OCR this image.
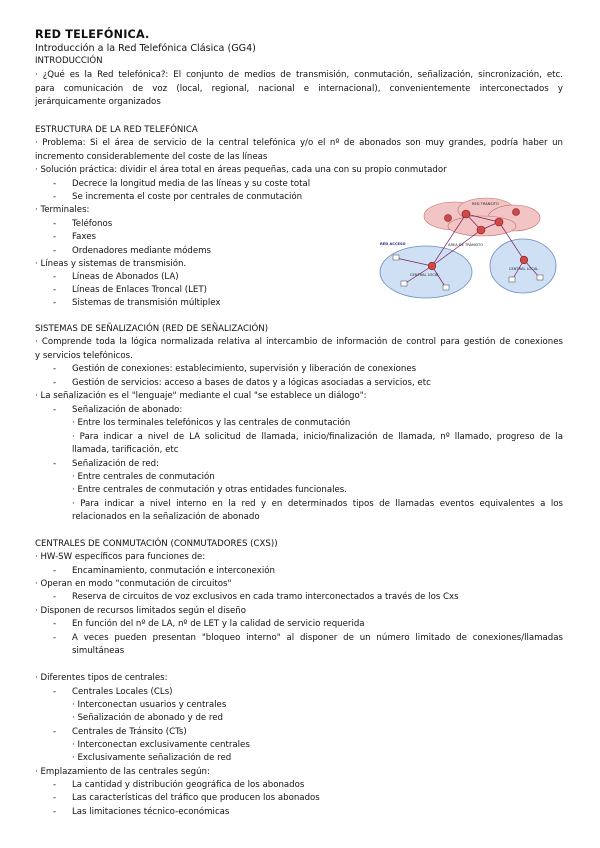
RED TELEFÓNICA.
Introducción a la Red Telefónica Clásica (GG4)
INTRODUCCIÓN
· ¿Qué es la Red telefónica?: El conjunto de medios de transmisión, conmutación, señalización, sincronización, etc.
para comunicación de voz (local, regional, nacional e internacional), convenientemente interconectados y
jerárquicamente organizados
ESTRUCTURA DE LA RED TELEFÓNICA
· Problema: Si el área de servicio de la central telefónica y/o el nº de abonados son muy grandes, podría haber un
incremento considerablemente del coste de las líneas
· Solución práctica: dividir el área total en áreas pequeñas, cada una con su propio conmutador
- Decrece la longitud media de las líneas y su coste total
- Se incrementa el coste por centrales de conmutación
· Terminales:
- Teléfonos
- Faxes
- Ordenadores mediante módems
· Líneas y sistemas de transmisión.
- Líneas de Abonados (LA)
- Líneas de Enlaces Troncal (LET)
- Sistemas de transmisión múltiplex
RED TRÁNSITO
RED ACCESO	ÁREA DE TRÁNSITO
CENTRAL LOCAL
CENTRAL LOCAL
SISTEMAS DE SEÑALIZACIÓN (RED DE SEÑALIZACIÓN)
· Comprende toda la lógica normalizada relativa al intercambio de información de control para gestión de conexiones
y servicios telefónicos.
- Gestión de conexiones: establecimiento, supervisión y liberación de conexiones
- Gestión de servicios: acceso a bases de datos y a lógicas asociadas a servicios, etc
· La señalización es el "lenguaje" mediante el cual "se establece un diálogo":
- Señalización de abonado:
· Entre los terminales telefónicos y las centrales de conmutación
· Para indicar a nivel de LA solicitud de llamada, inicio/finalización de llamada, nº llamado, progreso de la
llamada, tarificación, etc
- Señalización de red:
· Entre centrales de conmutación
· Entre centrales de conmutación y otras entidades funcionales.
· Para indicar a nivel interno en la red y en determinados tipos de llamadas eventos equivalentes a los
relacionados en la señalización de abonado
CENTRALES DE CONMUTACIÓN (CONMUTADORES (CXS))
· HW-SW específicos para funciones de:
- Encaminamiento, conmutación e interconexión
· Operan en modo "conmutación de circuitos"
- Reserva de circuitos de voz exclusivos en cada tramo interconectados a través de los Cxs
· Disponen de recursos limitados según el diseño
- En función del nº de LA, nº de LET y la calidad de servicio requerida
- A veces pueden presentan "bloqueo interno" al disponer de un número limitado de conexiones/llamadas
simultáneas
· Diferentes tipos de centrales:
- Centrales Locales (CLs)
· Interconectan usuarios y centrales
· Señalización de abonado y de red
- Centrales de Tránsito (CTs)
· Interconectan exclusivamente centrales
· Exclusivamente señalización de red
· Emplazamiento de las centrales según:
- La cantidad y distribución geográfica de los abonados
- Las características del tráfico que producen los abonados
- Las limitaciones técnico-económicas
